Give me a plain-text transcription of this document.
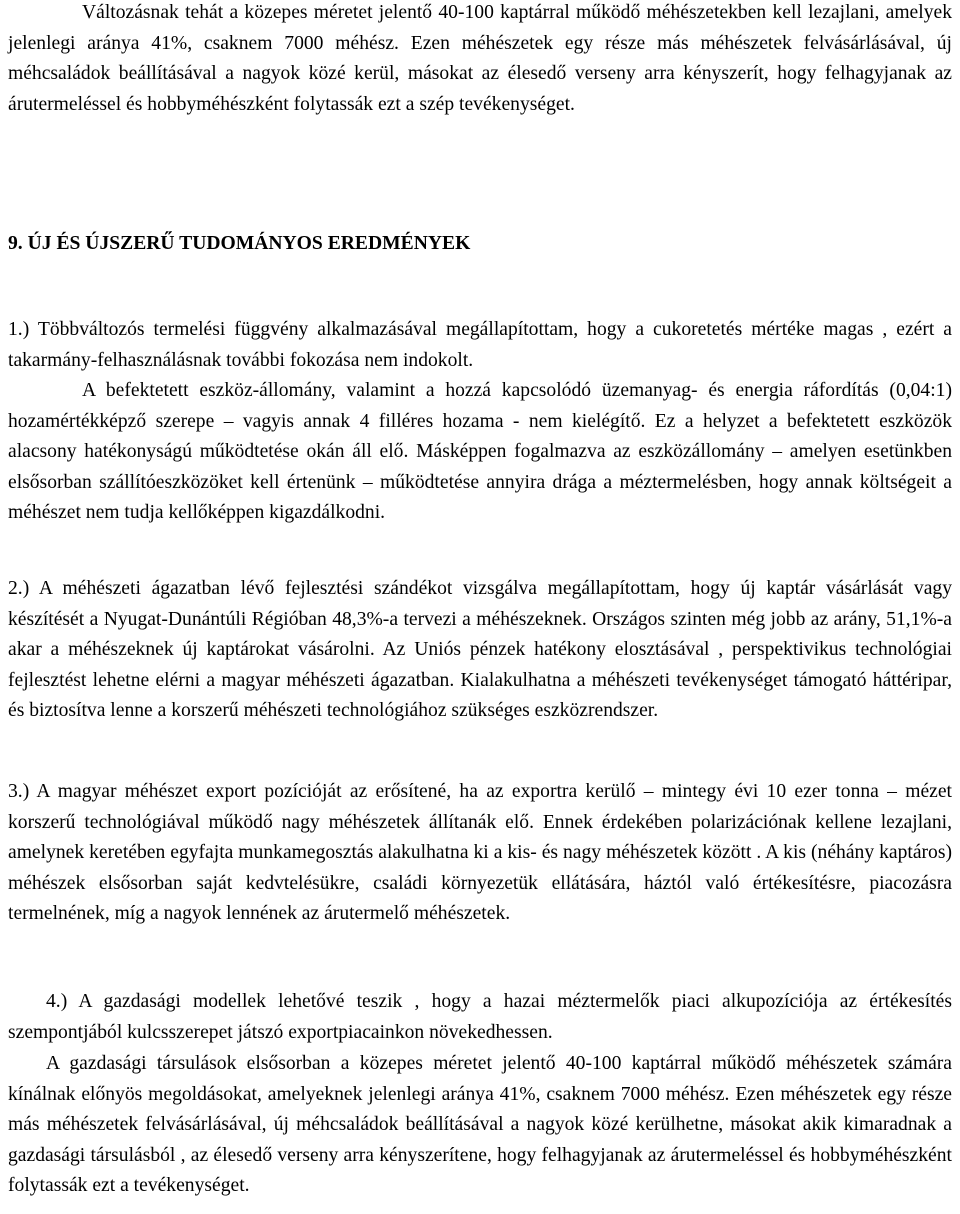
Változásnak tehát a közepes méretet jelentő 40-100 kaptárral működő méhészetekben kell lezajlani, amelyek jelenlegi aránya 41%, csaknem 7000 méhész. Ezen méhészetek egy része más méhészetek felvásárlásával, új méhcsaládok beállításával a nagyok közé kerül, másokat az élesedő verseny arra kényszerít, hogy felhagyjanak az árutermeléssel és hobbyméhészként folytassák ezt a szép tevékenységet.

9. ÚJ ÉS ÚJSZERŰ TUDOMÁNYOS EREDMÉNYEK

1.) Többváltozós termelési függvény alkalmazásával megállapítottam, hogy a cukoretetés mértéke magas , ezért a takarmány-felhasználásnak további fokozása nem indokolt.

A befektetett eszköz-állomány, valamint a hozzá kapcsolódó üzemanyag- és energia ráfordítás (0,04:1) hozamértékképző szerepe – vagyis annak 4 filléres hozama - nem kielégítő. Ez a helyzet a befektetett eszközök alacsony hatékonyságú működtetése okán áll elő. Másképpen fogalmazva az eszközállomány – amelyen esetünkben elsősorban szállítóeszközöket kell értenünk – működtetése annyira drága a méztermelésben, hogy annak költségeit a méhészet nem tudja kellőképpen kigazdálkodni.

2.) A méhészeti ágazatban lévő fejlesztési szándékot vizsgálva megállapítottam, hogy új kaptár vásárlását vagy készítését a Nyugat-Dunántúli Régióban 48,3%-a tervezi a méhészeknek. Országos szinten még jobb az arány, 51,1%-a akar a méhészeknek új kaptárokat vásárolni. Az Uniós pénzek hatékony elosztásával , perspektivikus technológiai fejlesztést lehetne elérni a magyar méhészeti ágazatban. Kialakulhatna a méhészeti tevékenységet támogató háttéripar, és biztosítva lenne a korszerű méhészeti technológiához szükséges eszközrendszer.

3.) A magyar méhészet export pozícióját az erősítené, ha az exportra kerülő – mintegy évi 10 ezer tonna – mézet korszerű technológiával működő nagy méhészetek állítanák elő. Ennek érdekében polarizációnak kellene lezajlani, amelynek keretében egyfajta munkamegosztás alakulhatna ki a kis- és nagy méhészetek között . A kis (néhány kaptáros) méhészek elsősorban saját kedvtelésükre, családi környezetük ellátására, háztól való értékesítésre, piacozásra termelnének, míg a nagyok lennének az árutermelő méhészetek.

4.) A gazdasági modellek lehetővé teszik , hogy a hazai méztermelők piaci alkupozíciója az értékesítés szempontjából kulcsszerepet játszó exportpiacainkon növekedhessen.

A gazdasági társulások elsősorban a közepes méretet jelentő 40-100 kaptárral működő méhészetek számára kínálnak előnyös megoldásokat, amelyeknek jelenlegi aránya 41%, csaknem 7000 méhész. Ezen méhészetek egy része más méhészetek felvásárlásával, új méhcsaládok beállításával a nagyok közé kerülhetne, másokat akik kimaradnak a gazdasági társulásból , az élesedő verseny arra kényszerítene, hogy felhagyjanak az árutermeléssel és hobbyméhészként folytassák ezt a tevékenységet.
